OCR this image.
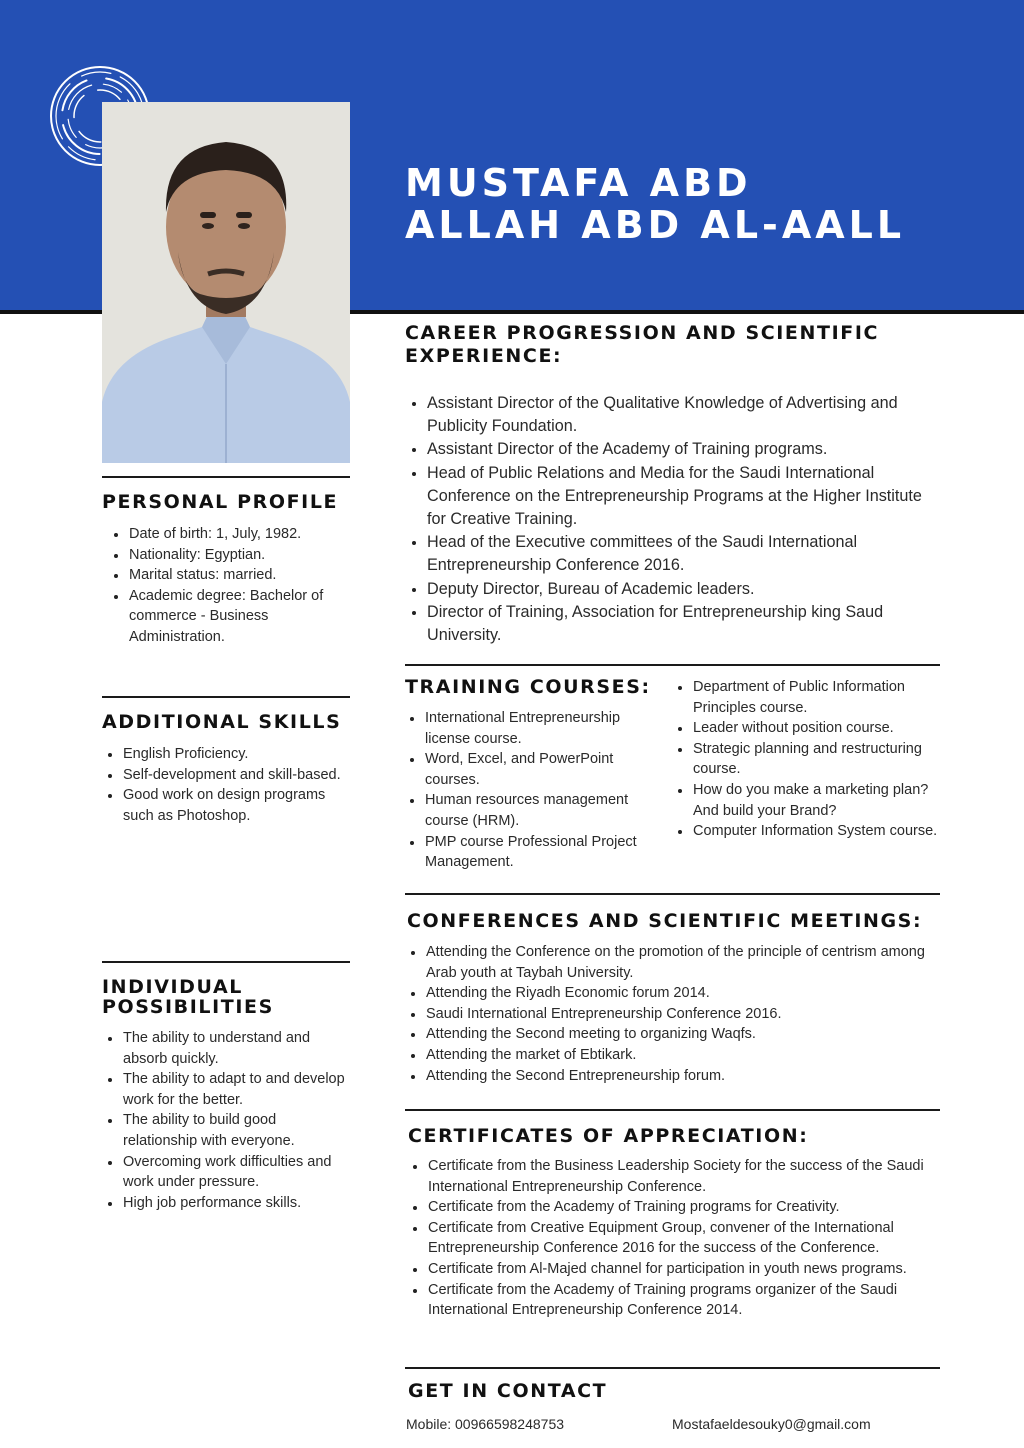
MUSTAFA ABD
ALLAH ABD AL-AALL
PERSONAL PROFILE
Date of birth: 1, July, 1982.
Nationality: Egyptian.
Marital status: married.
Academic degree: Bachelor of commerce - Business Administration.
ADDITIONAL SKILLS
English Proficiency.
Self-development and skill-based.
Good work on design programs such as Photoshop.
INDIVIDUAL POSSIBILITIES
The ability to understand and absorb quickly.
The ability to adapt to and develop work for the better.
The ability to build good relationship with everyone.
Overcoming work difficulties and work under pressure.
High job performance skills.
CAREER PROGRESSION AND SCIENTIFIC EXPERIENCE:
Assistant Director of the Qualitative Knowledge of Advertising and Publicity Foundation.
Assistant Director of the Academy of Training programs.
Head of Public Relations and Media for the Saudi International Conference on the Entrepreneurship Programs at the Higher Institute for Creative Training.
Head of the Executive committees of the Saudi International Entrepreneurship Conference 2016.
Deputy Director, Bureau of Academic leaders.
Director of Training, Association for Entrepreneurship king Saud University.
TRAINING COURSES:
International Entrepreneurship license course.
Word, Excel, and PowerPoint courses.
Human resources management course (HRM).
PMP course Professional Project Management.
Department of Public Information Principles course.
Leader without position course.
Strategic planning and restructuring course.
How do you make a marketing plan? And build your Brand?
Computer Information System course.
CONFERENCES AND SCIENTIFIC MEETINGS:
Attending the Conference on the promotion of the principle of centrism among Arab youth at Taybah University.
Attending the Riyadh Economic forum 2014.
Saudi International Entrepreneurship Conference 2016.
Attending the Second meeting to organizing Waqfs.
Attending the market of Ebtikark.
Attending the Second Entrepreneurship forum.
CERTIFICATES OF APPRECIATION:
Certificate from the Business Leadership Society for the success of the Saudi International Entrepreneurship Conference.
Certificate from the Academy of Training programs for Creativity.
Certificate from Creative Equipment Group, convener of the International Entrepreneurship Conference 2016 for the success of the Conference.
Certificate from Al-Majed channel for participation in youth news programs.
Certificate from the Academy of Training programs organizer of the Saudi International Entrepreneurship Conference 2014.
GET IN CONTACT
Mobile: 00966598248753	Mostafaeldesouky0@gmail.com
